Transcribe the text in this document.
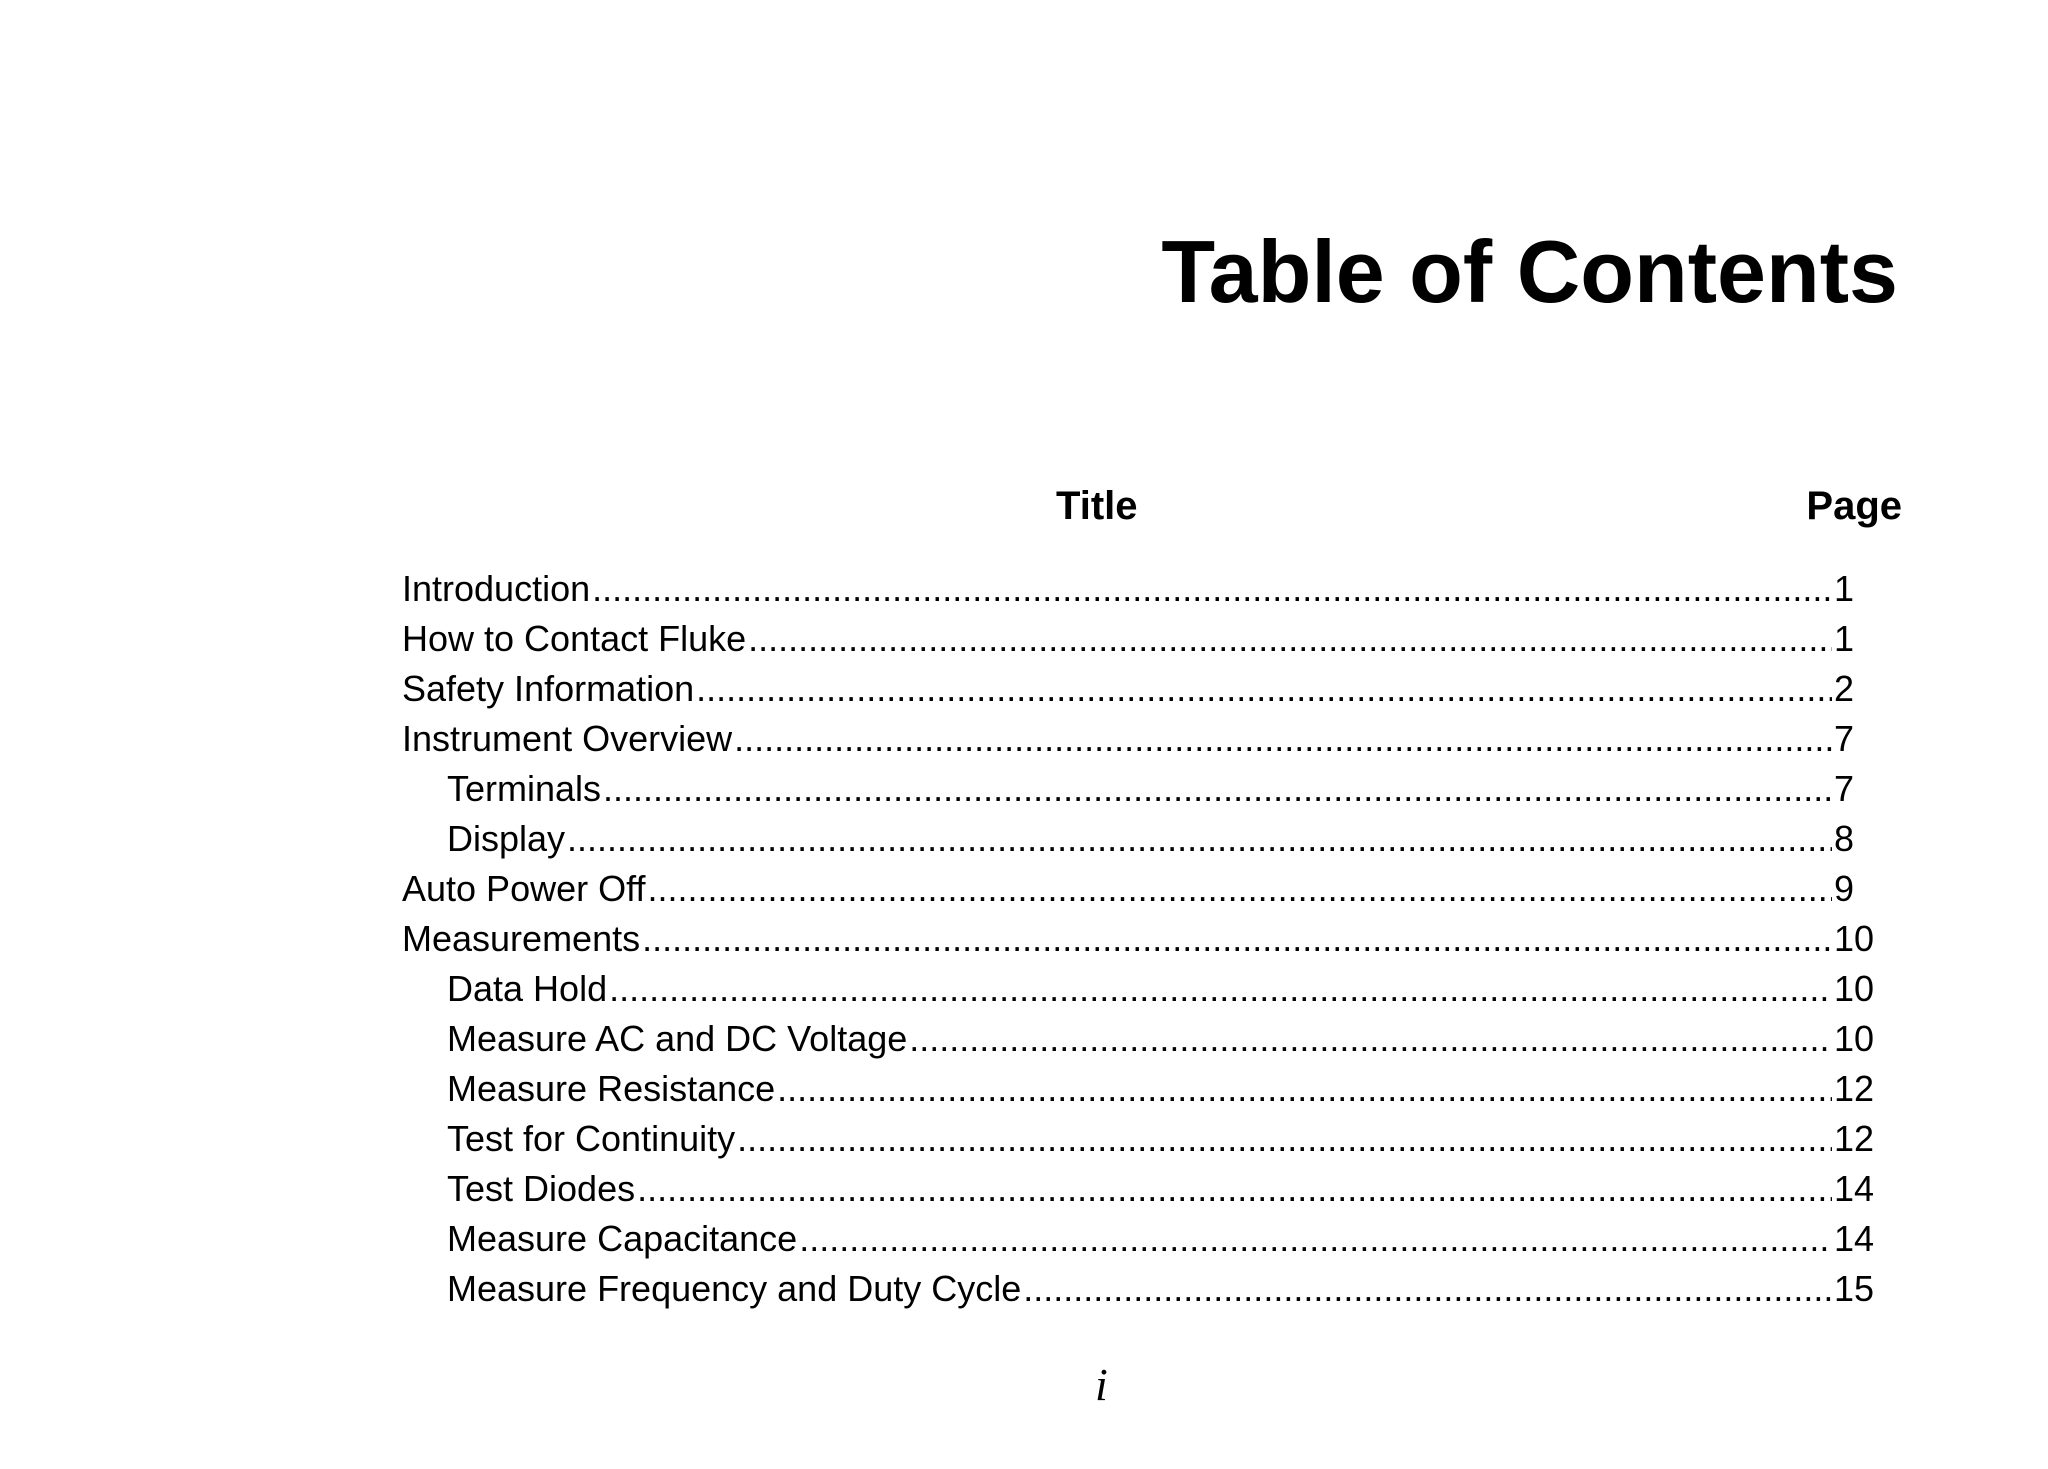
Table of Contents
Title	Page
Introduction .....	1
How to Contact Fluke .....	1
Safety Information .....	2
Instrument Overview .....	7
Terminals .....	7
Display .....	8
Auto Power Off .....	9
Measurements .....	10
Data Hold .....	10
Measure AC and DC Voltage .....	10
Measure Resistance .....	12
Test for Continuity .....	12
Test Diodes .....	14
Measure Capacitance .....	14
Measure Frequency and Duty Cycle .....	15
i
